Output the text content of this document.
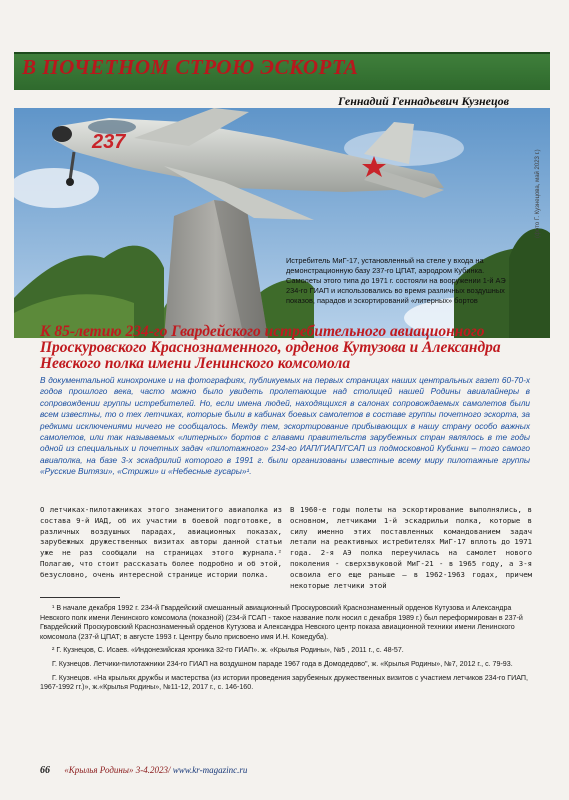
В ПОЧЕТНОМ СТРОЮ ЭСКОРТА
Геннадий Геннадьевич Кузнецов
237
(фото Г. Кузнецова, май 2023 г.)
Истребитель МиГ-17, установленный на стеле у входа на демонстрационную базу 237-го ЦПАТ, аэродром Кубинка. Самолеты этого типа до 1971 г. состояли на вооружении 1-й АЭ 234-го ГИАП и использовались во время различных воздушных показов, парадов и эскортирований «литерных» бортов
К 85-летию 234-го Гвардейского истребительного авиационного Проскуровского Краснознаменного, орденов Кутузова и Александра Невского полка имени Ленинского комсомола
В документальной кинохронике и на фотографиях, публикуемых на первых страницах наших центральных газет 60-70-х годов прошлого века, часто можно было увидеть пролетающие над столицей нашей Родины авиалайнеры в сопровождении группы истребителей. Но, если имена людей, находящихся в салонах сопровождаемых самолетов были всем известны, то о тех летчиках, которые были в кабинах боевых самолетов в составе группы почетного эскорта, за редкими исключениями ничего не сообщалось. Между тем, эскортирование прибывающих в нашу страну особо важных самолетов, или так называемых «литерных» бортов с главами правительств зарубежных стран являлось в те годы одной из специальных и почетных задач «пилотажного» 234-го ИАП/ГИАП/ГСАП из подмосковной Кубинки – того самого авиаполка, на базе 3-х эскадрилий которого в 1991 г. были организованы известные всему миру пилотажные группы «Русские Витязи», «Стрижи» и «Небесные гусары»¹.
О летчиках-пилотажниках этого знаменитого авиаполка из состава 9-й ИАД, об их участии в боевой подготовке, в различных воздушных парадах, авиационных показах, зарубежных дружественных визитах авторы данной статьи уже не раз сообщали на страницах этого журнала.² Полагаю, что стоит рассказать более подробно и об этой, безусловно, очень интересной странице истории полка.
В 1960-е годы полеты на эскортирование выполнялись, в основном, летчиками 1-й эскадрильи полка, которые в силу именно этих поставленных командованием задач летали на реактивных истребителях МиГ-17 вплоть до 1971 года. 2-я АЭ полка переучилась на самолет нового поколения - сверхзвуковой МиГ-21 - в 1965 году, а 3-я освоила его еще раньше – в 1962-1963 годах, причем некоторые летчики этой

¹ В начале декабря 1992 г. 234-й Гвардейский смешанный авиационный Проскуровский Краснознаменный орденов Кутузова и Александра Невского полк имени Ленинского комсомола (показной) (234-й ГСАП - такое название полк носил с декабря 1989 г.) был переформирован в 237-й Гвардейский Проскуровский Краснознаменный орденов Кутузова и Александра Невского центр показа авиационной техники имени Ленинского комсомола (237-й ЦПАТ; в августе 1993 г. Центру было присвоено имя И.Н. Кожедуба).

² Г. Кузнецов, С. Исаев. «Индонезийская хроника 32-го ГИАП». ж. «Крылья Родины», №5 , 2011 г., с. 48-57.

Г. Кузнецов. Летчики-пилотажники 234-го ГИАП на воздушном параде 1967 года в Домодедово", ж. «Крылья Родины», №7, 2012 г., с. 79-93.

Г. Кузнецов. «На крыльях дружбы и мастерства (из истории проведения зарубежных дружественных визитов с участием летчиков 234-го ГИАП, 1967-1992 гг.)», ж.«Крылья Родины», №11-12, 2017 г., с. 146-160.

66 «Крылья Родины» 3-4.2023/ www.kr-magazinc.ru
